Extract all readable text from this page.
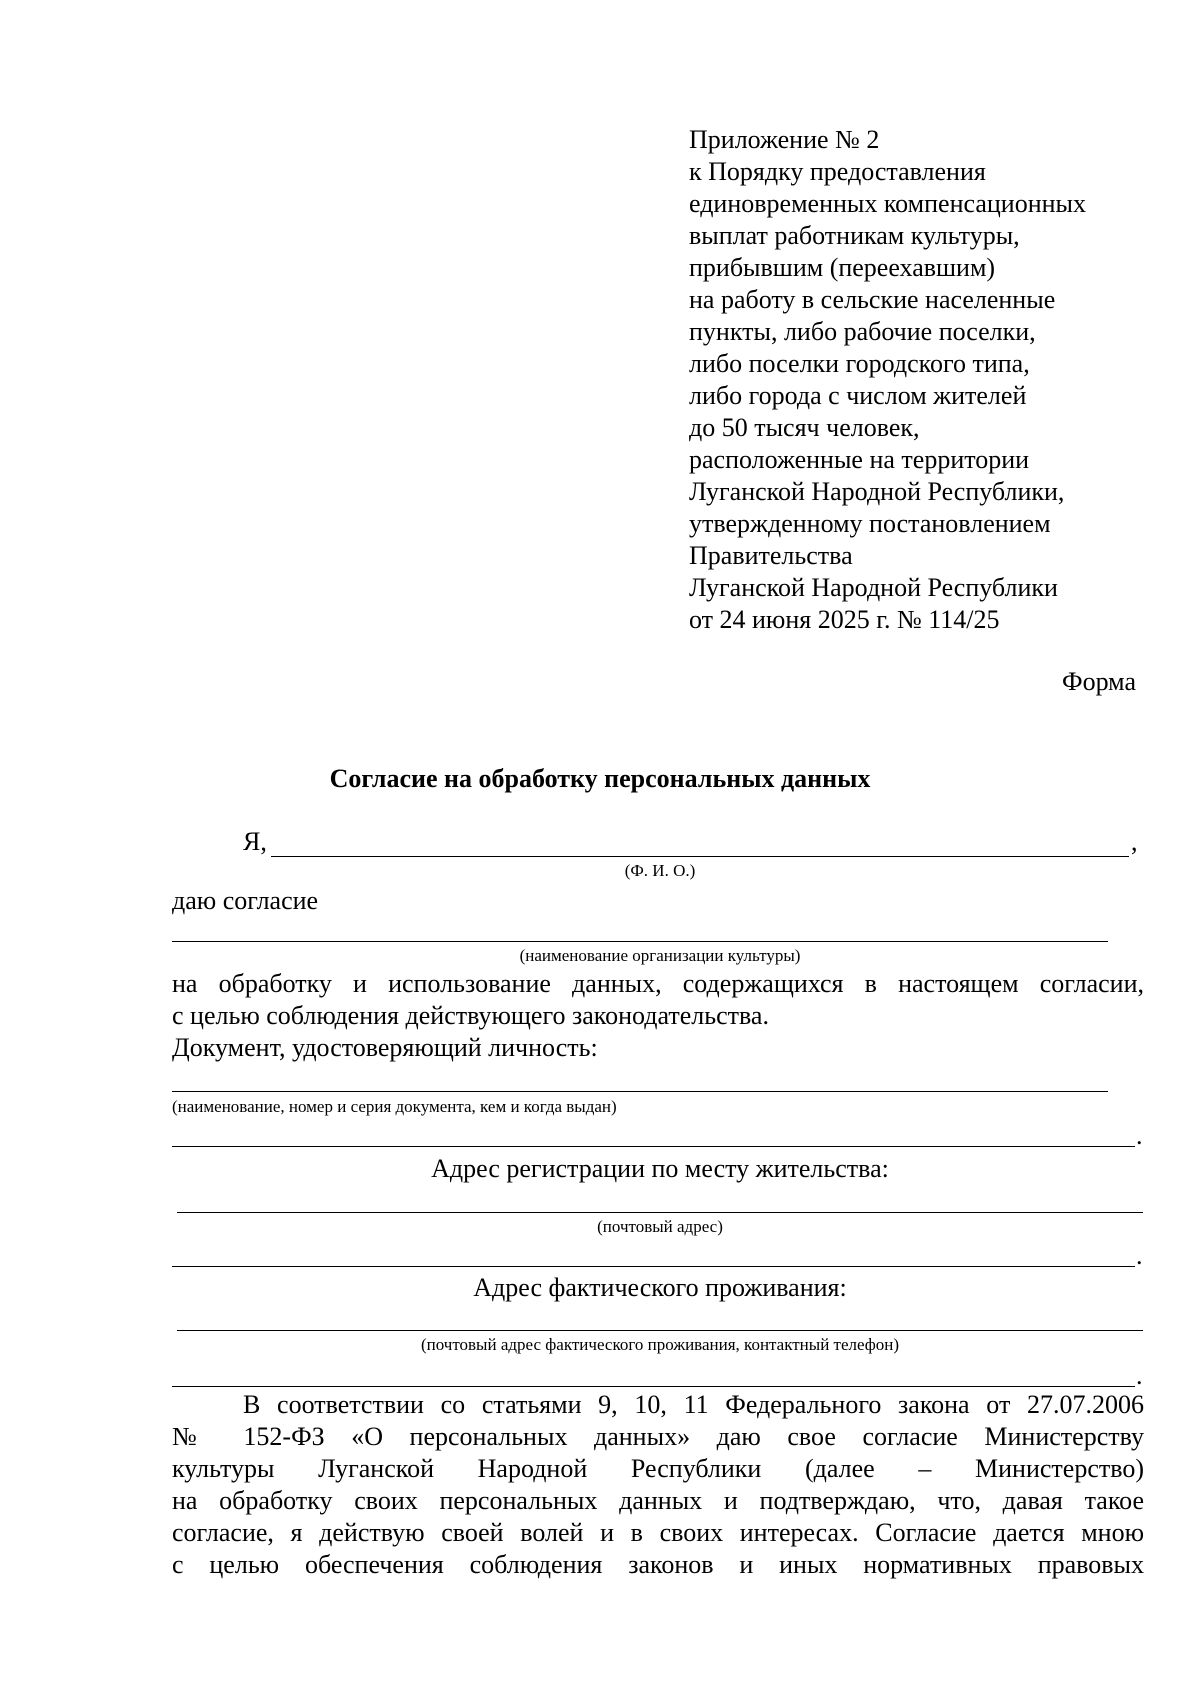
Приложение № 2
к Порядку предоставления
единовременных компенсационных
выплат работникам культуры,
прибывшим (переехавшим)
на работу в сельские населенные
пункты, либо рабочие поселки,
либо поселки городского типа,
либо города с числом жителей
до 50 тысяч человек,
расположенные на территории
Луганской Народной Республики,
утвержденному постановлением
Правительства
Луганской Народной Республики
от 24 июня 2025 г. № 114/25
Форма
Согласие на обработку персональных данных
Я,	,
(Ф. И. О.)
даю согласие
(наименование организации культуры)
на обработку и использование данных, содержащихся в настоящем согласии,
с целью соблюдения действующего законодательства.
Документ, удостоверяющий личность:
(наименование, номер и серия документа, кем и когда выдан)
.
Адрес регистрации по месту жительства:
(почтовый адрес)
.
Адрес фактического проживания:
(почтовый адрес фактического проживания, контактный телефон)
.
В соответствии со статьями 9, 10, 11 Федерального закона от 27.07.2006
№ 152-ФЗ «О персональных данных» даю свое согласие Министерству
культуры Луганской Народной Республики (далее – Министерство)
на обработку своих персональных данных и подтверждаю, что, давая такое
согласие, я действую своей волей и в своих интересах. Согласие дается мною
с целью обеспечения соблюдения законов и иных нормативных правовых
